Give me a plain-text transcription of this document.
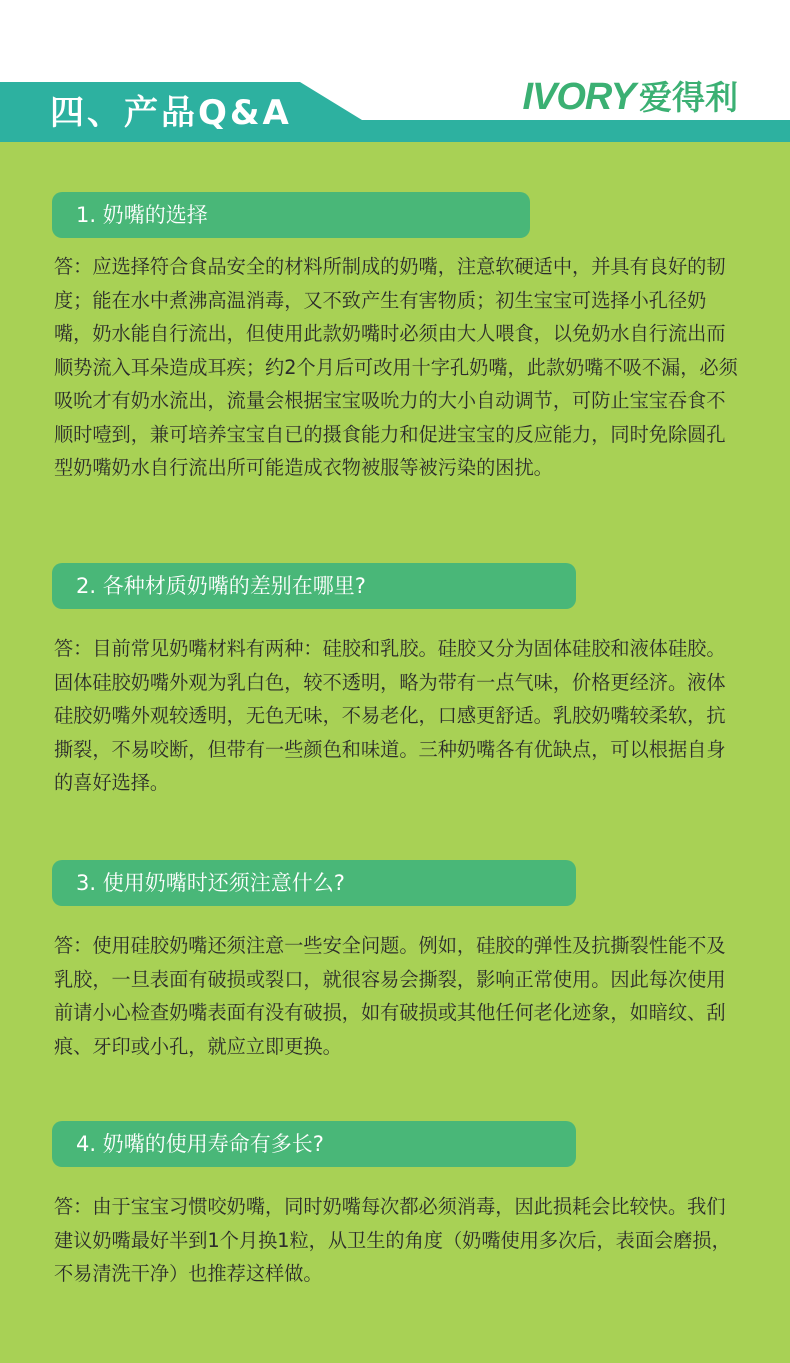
四、产品Q&A	IVORY 爱得利
1. 奶嘴的选择

答：应选择符合食品安全的材料所制成的奶嘴，注意软硬适中，并具有良好的韧度；能在水中煮沸高温消毒，又不致产生有害物质；初生宝宝可选择小孔径奶嘴，奶水能自行流出，但使用此款奶嘴时必须由大人喂食，以免奶水自行流出而顺势流入耳朵造成耳疾；约2个月后可改用十字孔奶嘴，此款奶嘴不吸不漏，必须吸吮才有奶水流出，流量会根据宝宝吸吮力的大小自动调节，可防止宝宝吞食不顺时噎到，兼可培养宝宝自已的摄食能力和促进宝宝的反应能力，同时免除圆孔型奶嘴奶水自行流出所可能造成衣物被服等被污染的困扰。

2. 各种材质奶嘴的差别在哪里?

答：目前常见奶嘴材料有两种：硅胶和乳胶。硅胶又分为固体硅胶和液体硅胶。固体硅胶奶嘴外观为乳白色，较不透明，略为带有一点气味，价格更经济。液体硅胶奶嘴外观较透明，无色无味，不易老化，口感更舒适。乳胶奶嘴较柔软，抗撕裂，不易咬断，但带有一些颜色和味道。三种奶嘴各有优缺点，可以根据自身的喜好选择。

3. 使用奶嘴时还须注意什么?

答：使用硅胶奶嘴还须注意一些安全问题。例如，硅胶的弹性及抗撕裂性能不及乳胶，一旦表面有破损或裂口，就很容易会撕裂，影响正常使用。因此每次使用前请小心检查奶嘴表面有没有破损，如有破损或其他任何老化迹象，如暗纹、刮痕、牙印或小孔，就应立即更换。

4. 奶嘴的使用寿命有多长?

答：由于宝宝习惯咬奶嘴，同时奶嘴每次都必须消毒，因此损耗会比较快。我们建议奶嘴最好半到1个月换1粒，从卫生的角度（奶嘴使用多次后，表面会磨损，不易清洗干净）也推荐这样做。
